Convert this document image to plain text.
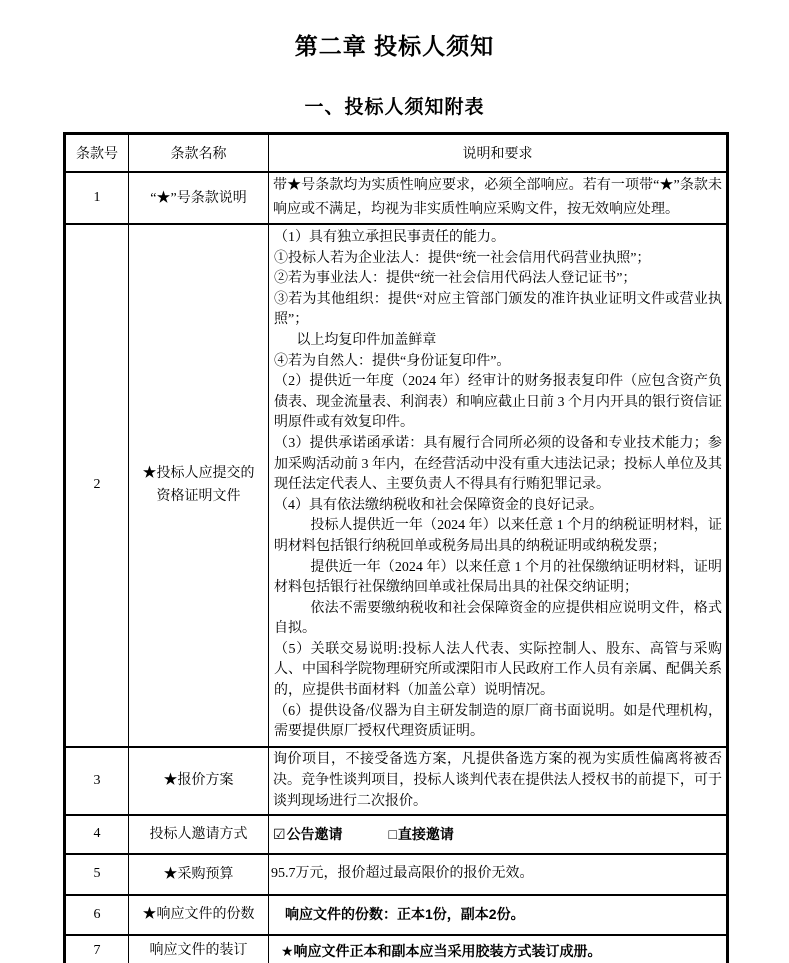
第二章 投标人须知
一、投标人须知附表
条款号	条款名称	说明和要求
1	“★”号条款说明	带★号条款均为实质性响应要求，必须全部响应。若有一项带“★”条款未响应或不满足，均视为非实质性响应采购文件，按无效响应处理。

2	★投标人应提交的资格证明文件	

（1）具有独立承担民事责任的能力。

①投标人若为企业法人：提供“统一社会信用代码营业执照”；

②若为事业法人：提供“统一社会信用代码法人登记证书”；

③若为其他组织：提供“对应主管部门颁发的准许执业证明文件或营业执照”；

以上均复印件加盖鲜章

④若为自然人：提供“身份证复印件”。

（2）提供近一年度（2024 年）经审计的财务报表复印件（应包含资产负债表、现金流量表、利润表）和响应截止日前 3 个月内开具的银行资信证明原件或有效复印件。

（3）提供承诺函承诺：具有履行合同所必须的设备和专业技术能力；参加采购活动前 3 年内，在经营活动中没有重大违法记录；投标人单位及其现任法定代表人、主要负责人不得具有行贿犯罪记录。

（4）具有依法缴纳税收和社会保障资金的良好记录。

投标人提供近一年（2024 年）以来任意 1 个月的纳税证明材料，证明材料包括银行纳税回单或税务局出具的纳税证明或纳税发票；

提供近一年（2024 年）以来任意 1 个月的社保缴纳证明材料，证明材料包括银行社保缴纳回单或社保局出具的社保交纳证明；

依法不需要缴纳税收和社会保障资金的应提供相应说明文件，格式自拟。

（5）关联交易说明:投标人法人代表、实际控制人、股东、高管与采购人、中国科学院物理研究所或溧阳市人民政府工作人员有亲属、配偶关系的，应提供书面材料（加盖公章）说明情况。

（6）提供设备/仪器为自主研发制造的原厂商书面说明。如是代理机构，需要提供原厂授权代理资质证明。

3	★报价方案	询价项目，不接受备选方案，凡提供备选方案的视为实质性偏离将被否决。竞争性谈判项目，投标人谈判代表在提供法人授权书的前提下，可于谈判现场进行二次报价。

4	投标人邀请方式	☑公告邀请 □直接邀请
5	★采购预算	95.7万元，报价超过最高限价的报价无效。

6	★响应文件的份数	响应文件的份数：正本1份，副本2份。

7	响应文件的装订	★响应文件正本和副本应当采用胶装方式装订成册。
